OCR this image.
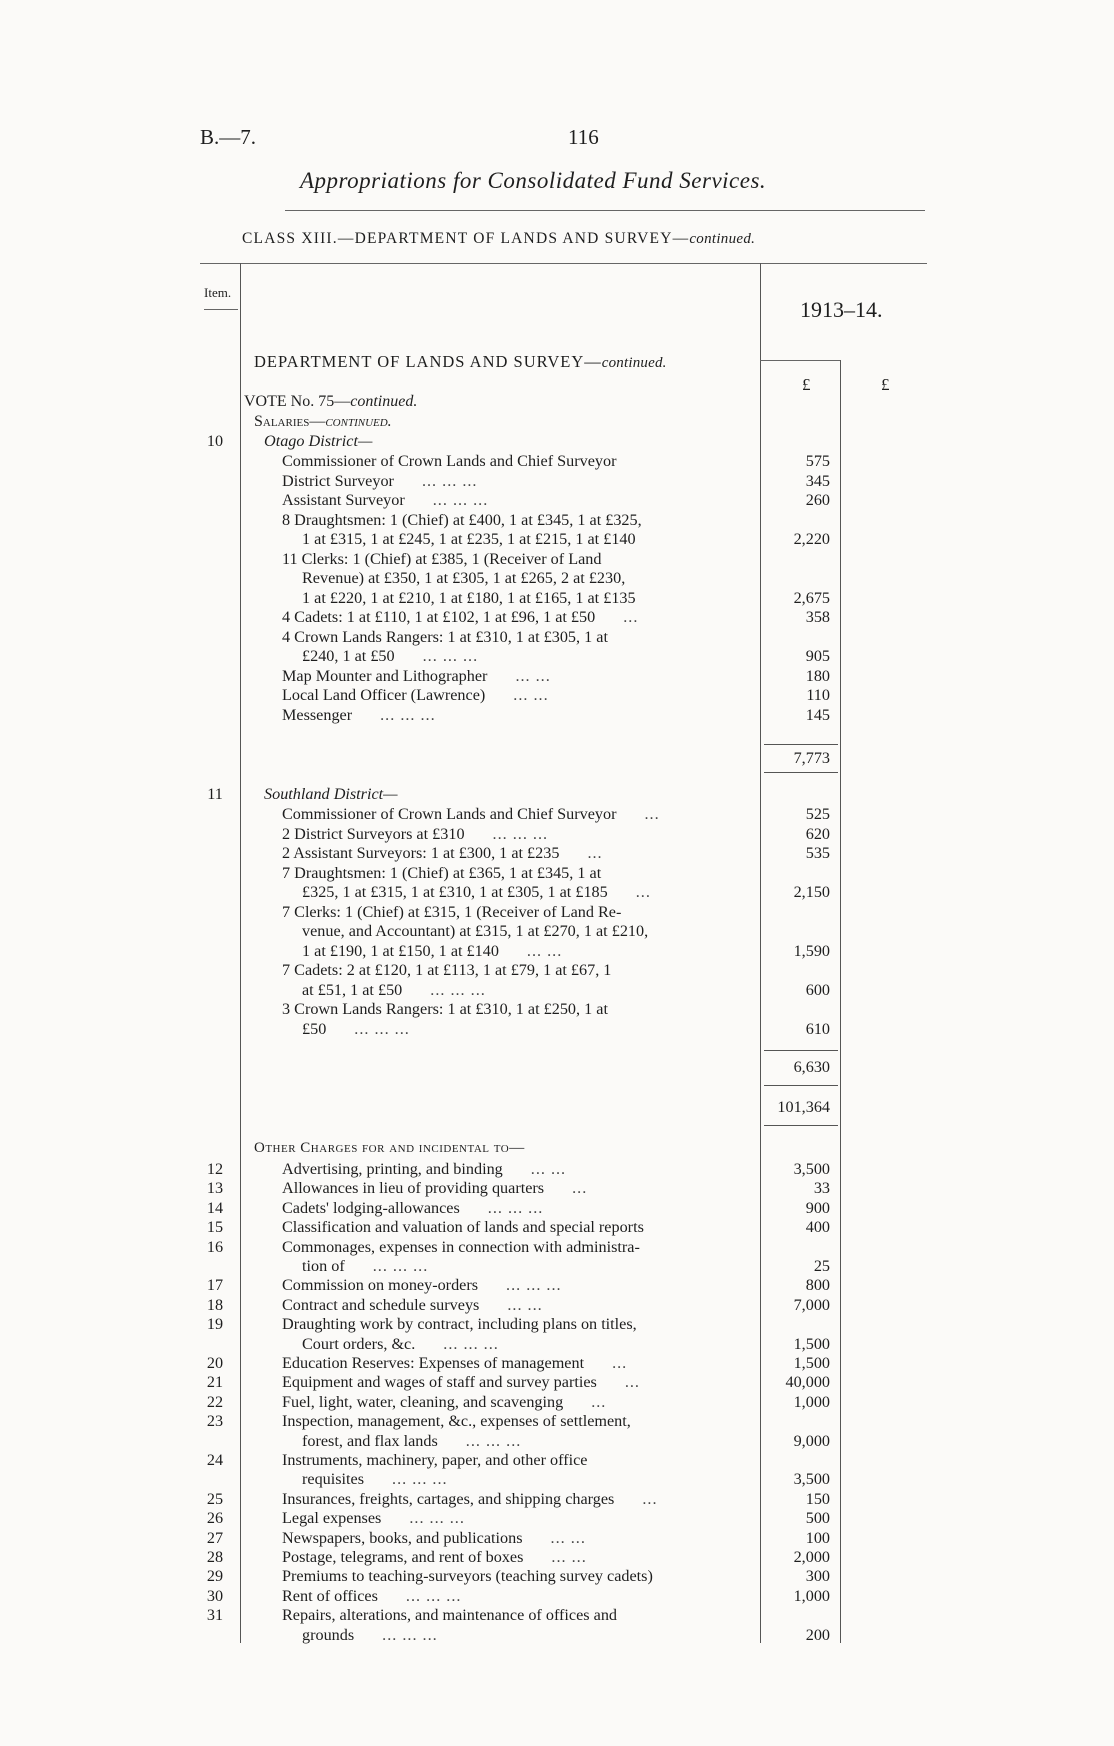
B.—7.	116
Appropriations for Consolidated Fund Services.
CLASS XIII.—DEPARTMENT OF LANDS AND SURVEY—continued.
Item.
1913–14.
£	£
DEPARTMENT OF LANDS AND SURVEY—continued.
VOTE No. 75—continued.
Salaries—continued.
10	Otago District—
Commissioner of Crown Lands and Chief Surveyor	575
District Surveyor ... ... ...	345
Assistant Surveyor ... ... ...	260
8 Draughtsmen: 1 (Chief) at £400, 1 at £345, 1 at £325,
1 at £315, 1 at £245, 1 at £235, 1 at £215, 1 at £140	2,220
11 Clerks: 1 (Chief) at £385, 1 (Receiver of Land
Revenue) at £350, 1 at £305, 1 at £265, 2 at £230,
1 at £220, 1 at £210, 1 at £180, 1 at £165, 1 at £135	2,675
4 Cadets: 1 at £110, 1 at £102, 1 at £96, 1 at £50 ...	358
4 Crown Lands Rangers: 1 at £310, 1 at £305, 1 at
£240, 1 at £50 ... ... ...	905
Map Mounter and Lithographer ... ...	180
Local Land Officer (Lawrence) ... ...	110
Messenger ... ... ...	145
7,773
11	Southland District—
Commissioner of Crown Lands and Chief Surveyor ...	525
2 District Surveyors at £310 ... ... ...	620
2 Assistant Surveyors: 1 at £300, 1 at £235 ...	535
7 Draughtsmen: 1 (Chief) at £365, 1 at £345, 1 at
£325, 1 at £315, 1 at £310, 1 at £305, 1 at £185 ...	2,150
7 Clerks: 1 (Chief) at £315, 1 (Receiver of Land Re-
venue, and Accountant) at £315, 1 at £270, 1 at £210,
1 at £190, 1 at £150, 1 at £140 ... ...	1,590
7 Cadets: 2 at £120, 1 at £113, 1 at £79, 1 at £67, 1
at £51, 1 at £50 ... ... ...	600
3 Crown Lands Rangers: 1 at £310, 1 at £250, 1 at
£50 ... ... ...	610
6,630
101,364
Other Charges for and incidental to—
12	Advertising, printing, and binding ... ...	3,500
13	Allowances in lieu of providing quarters ...	33
14	Cadets' lodging-allowances ... ... ...	900
15	Classification and valuation of lands and special reports	400
16	Commonages, expenses in connection with administra-
tion of ... ... ...	25
17	Commission on money-orders ... ... ...	800
18	Contract and schedule surveys ... ...	7,000
19	Draughting work by contract, including plans on titles,
Court orders, &c. ... ... ...	1,500
20	Education Reserves: Expenses of management ...	1,500
21	Equipment and wages of staff and survey parties ...	40,000
22	Fuel, light, water, cleaning, and scavenging ...	1,000
23	Inspection, management, &c., expenses of settlement,
forest, and flax lands ... ... ...	9,000
24	Instruments, machinery, paper, and other office
requisites ... ... ...	3,500
25	Insurances, freights, cartages, and shipping charges ...	150
26	Legal expenses ... ... ...	500
27	Newspapers, books, and publications ... ...	100
28	Postage, telegrams, and rent of boxes ... ...	2,000
29	Premiums to teaching-surveyors (teaching survey cadets)	300
30	Rent of offices ... ... ...	1,000
31	Repairs, alterations, and maintenance of offices and
grounds ... ... ...	200
